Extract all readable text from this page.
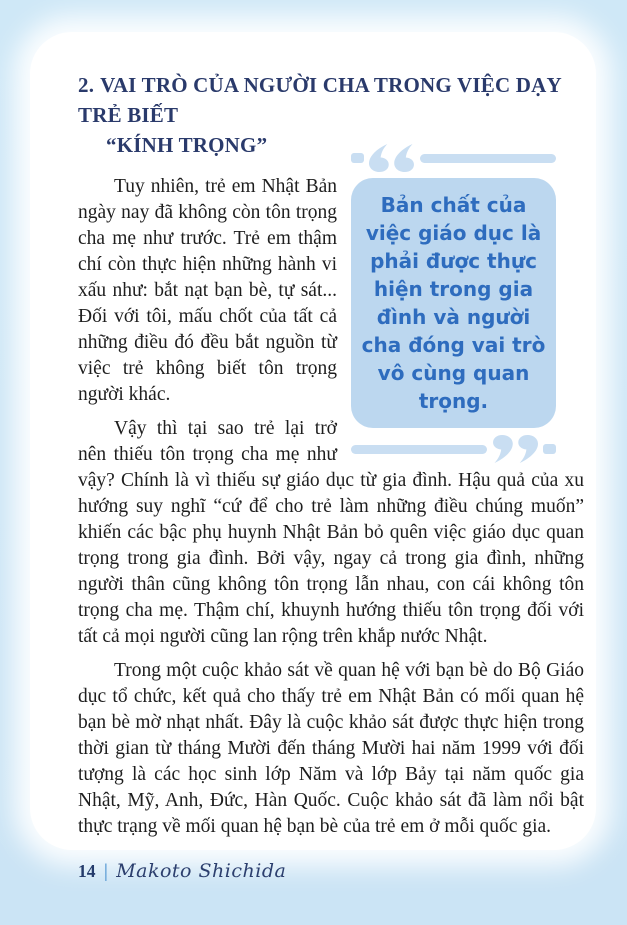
2. VAI TRÒ CỦA NGƯỜI CHA TRONG VIỆC DẠY TRẺ BIẾT
“KÍNH TRỌNG”
Bản chất của việc giáo dục là phải được thực hiện trong gia đình và người cha đóng vai trò vô cùng quan trọng.

Tuy nhiên, trẻ em Nhật Bản ngày nay đã không còn tôn trọng cha mẹ như trước. Trẻ em thậm chí còn thực hiện những hành vi xấu như: bắt nạt bạn bè, tự sát... Đối với tôi, mấu chốt của tất cả những điều đó đều bắt nguồn từ việc trẻ không biết tôn trọng người khác.

Vậy thì tại sao trẻ lại trở nên thiếu tôn trọng cha mẹ như vậy? Chính là vì thiếu sự giáo dục từ gia đình. Hậu quả của xu hướng suy nghĩ “cứ để cho trẻ làm những điều chúng muốn” khiến các bậc phụ huynh Nhật Bản bỏ quên việc giáo dục quan trọng trong gia đình. Bởi vậy, ngay cả trong gia đình, những người thân cũng không tôn trọng lẫn nhau, con cái không tôn trọng cha mẹ. Thậm chí, khuynh hướng thiếu tôn trọng đối với tất cả mọi người cũng lan rộng trên khắp nước Nhật.

Trong một cuộc khảo sát về quan hệ với bạn bè do Bộ Giáo dục tổ chức, kết quả cho thấy trẻ em Nhật Bản có mối quan hệ bạn bè mờ nhạt nhất. Đây là cuộc khảo sát được thực hiện trong thời gian từ tháng Mười đến tháng Mười hai năm 1999 với đối tượng là các học sinh lớp Năm và lớp Bảy tại năm quốc gia Nhật, Mỹ, Anh, Đức, Hàn Quốc. Cuộc khảo sát đã làm nổi bật thực trạng về mối quan hệ bạn bè của trẻ em ở mỗi quốc gia.

14 | Makoto Shichida
